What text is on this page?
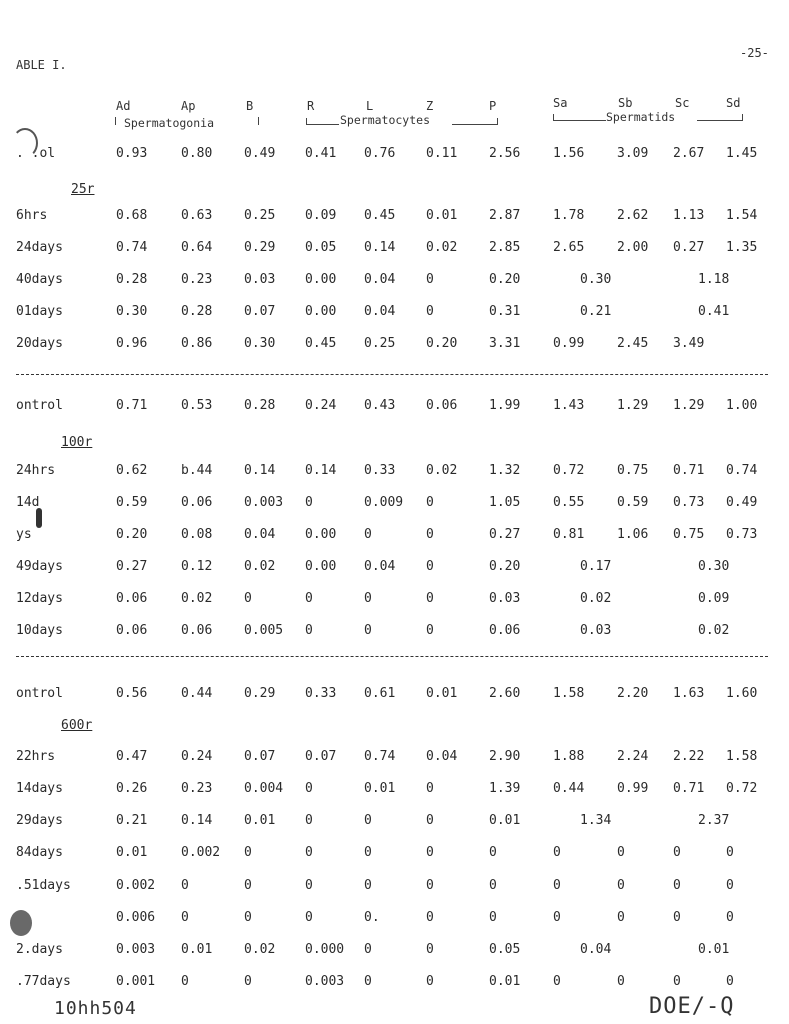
-25-
ABLE I.
Ad	Ap	B	R	L	Z	P	Sa	Sb	Sc	Sd
Spermatogonia	Spermatocytes	Spermatids
25r
100r
600r
. .ol	0.93	0.80 0.49 0.41 0.76 0.11 2.56	1.56	3.09 2.67 1.45
6hrs	0.68	0.63 0.25 0.09 0.45 0.01 2.87	1.78	2.62 1.13 1.54
24days	0.74	0.64 0.29 0.05 0.14 0.02 2.85	2.65	2.00 0.27 1.35
40days	0.28	0.23 0.03 0.00 0.04 0	0.20	0.30	1.18
01days	0.30	0.28 0.07 0.00 0.04 0	0.31	0.21	0.41
20days	0.96	0.86 0.30 0.45 0.25 0.20 3.31	0.99	2.45 3.49
ontrol	0.71	0.53 0.28 0.24 0.43 0.06 1.99	1.43	1.29 1.29 1.00
24hrs	0.62	b.44 0.14 0.14 0.33 0.02 1.32	0.72	0.75 0.71 0.74
14d	0.59	0.06 0.003 0	0.009 0	1.05	0.55	0.59 0.73 0.49
ys	0.20	0.08 0.04 0.00 0	0	0.27	0.81	1.06 0.75 0.73
49days	0.27	0.12 0.02 0.00 0.04 0	0.20	0.17	0.30
12days	0.06	0.02 0	0	0	0	0.03	0.02	0.09
10days	0.06	0.06 0.005 0	0	0	0.06	0.03	0.02
ontrol	0.56	0.44 0.29 0.33 0.61 0.01 2.60	1.58	2.20 1.63 1.60
22hrs	0.47	0.24 0.07 0.07 0.74 0.04 2.90	1.88	2.24 2.22 1.58
14days	0.26	0.23 0.004 0	0.01 0	1.39	0.44	0.99 0.71 0.72
29days	0.21	0.14 0.01 0	0	0	0.01	1.34	2.37
84days	0.01	0.002 0	0	0	0	0	0	0	0	0
.51days	0.002 0	0	0	0	0	0	0	0	0	0
0.006 0	0	0	0.	0	0	0	0	0	0
2.days	0.003 0.01 0.02 0.000 0	0	0.05	0.04	0.01
.77days	0.001 0	0	0.003 0	0	0.01	0	0	0	0
10hh504	DOE/-Q
